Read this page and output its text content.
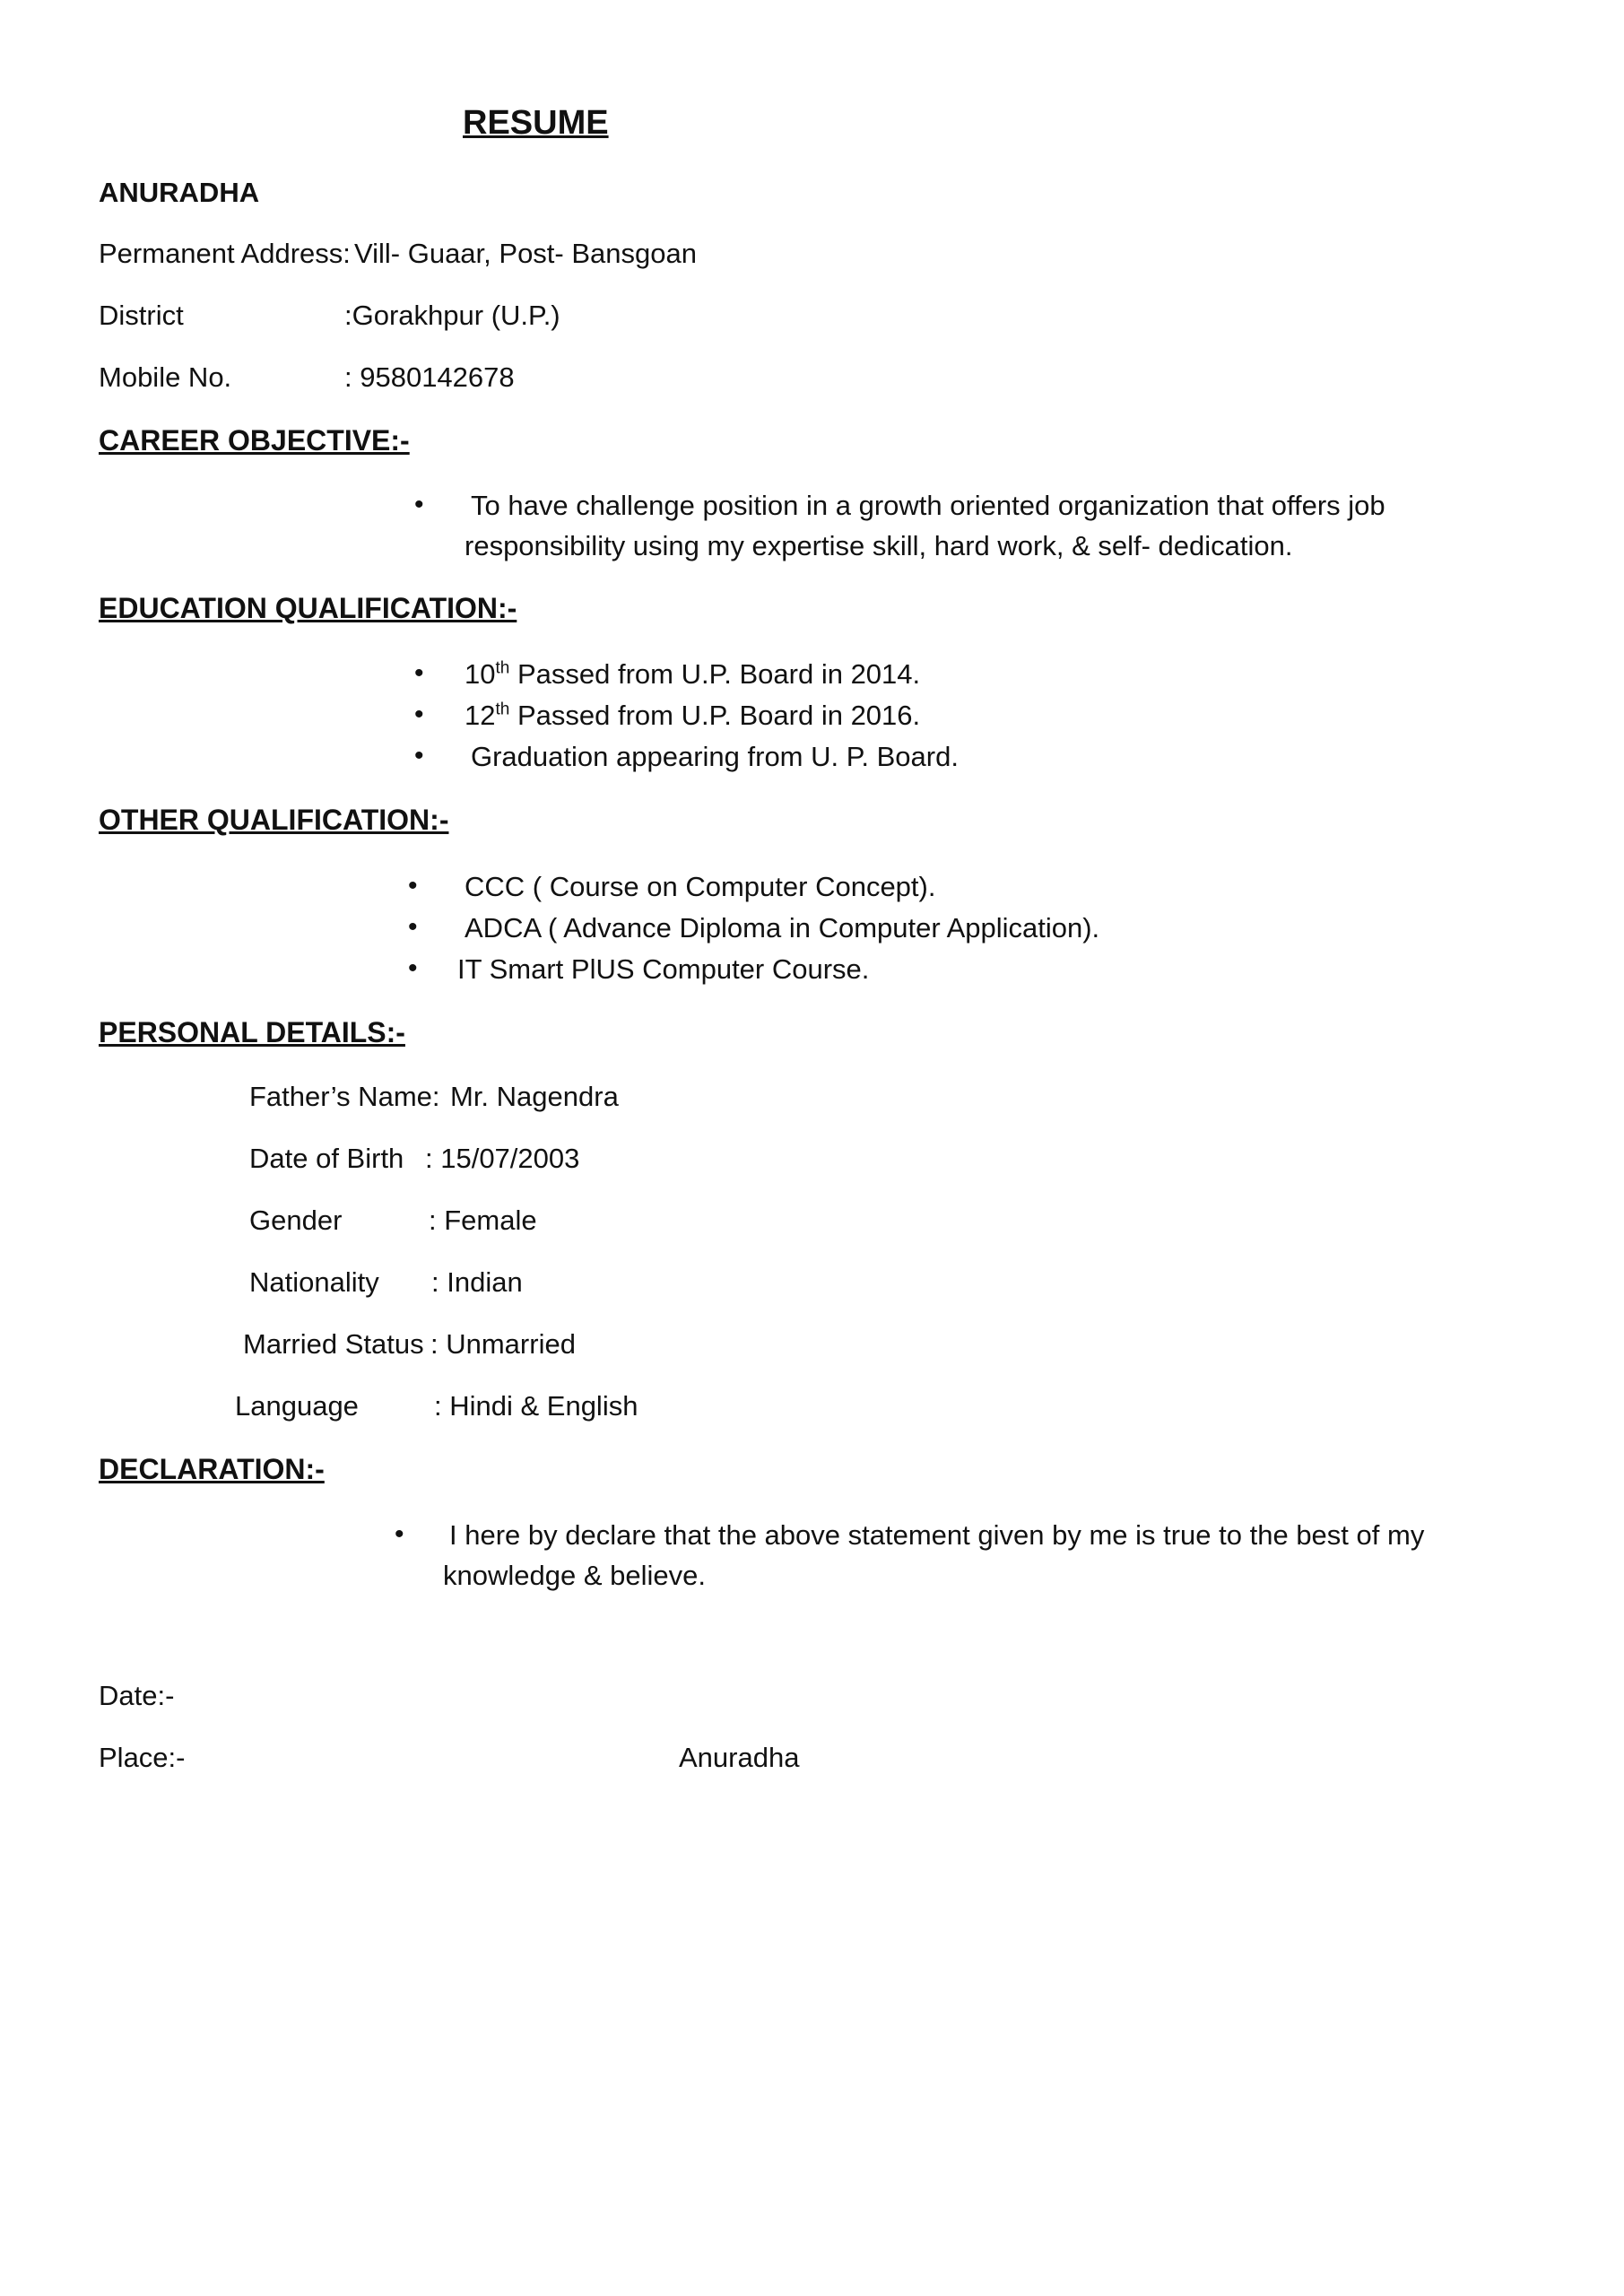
RESUME
ANURADHA
Permanent Address: Vill- Guaar, Post- Bansgoan
District	:Gorakhpur (U.P.)
Mobile No.	: 9580142678
CAREER OBJECTIVE:-
• To have challenge position in a growth oriented organization that offers job
responsibility using my expertise skill, hard work, & self- dedication.
EDUCATION QUALIFICATION:-
• 10th Passed from U.P. Board in 2014.
• 12th Passed from U.P. Board in 2016.
• Graduation appearing from U. P. Board.
OTHER QUALIFICATION:-
• CCC ( Course on Computer Concept).
• ADCA ( Advance Diploma in Computer Application).
• IT Smart PlUS Computer Course.
PERSONAL DETAILS:-
Father’s Name: Mr. Nagendra
Date of Birth : 15/07/2003
Gender	: Female
Nationality : Indian
Married Status : Unmarried
Language	: Hindi & English
DECLARATION:-
• I here by declare that the above statement given by me is true to the best of my
knowledge & believe.
Date:-
Place:-	Anuradha
